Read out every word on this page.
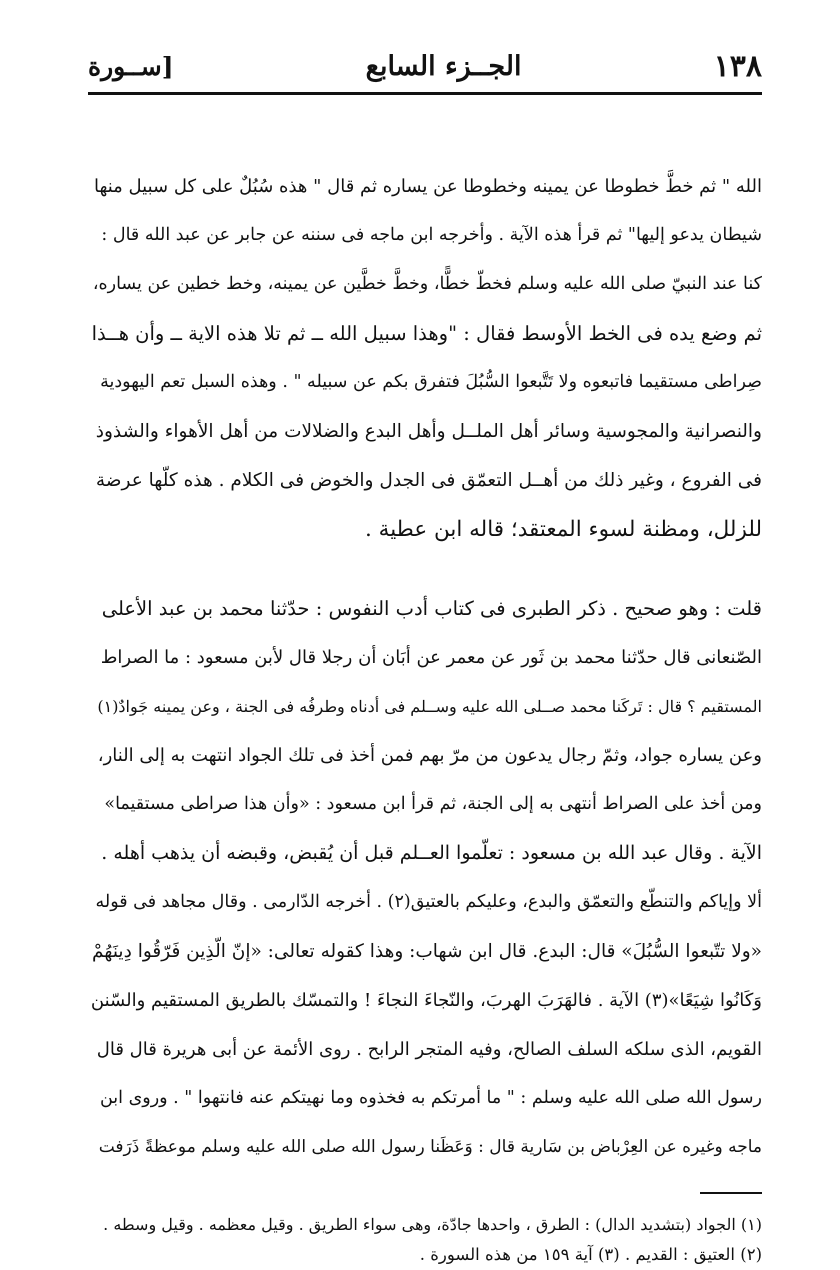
١٣٨
الجــزء السابع
[ســورة
الله " ثم خطَّ خطوطا عن يمينه وخطوطا عن يساره ثم قال " هذه سُبُلٌ على كل سبيل منها
شيطان يدعو إليها" ثم قرأ هذه الآية . وأخرجه ابن ماجه فى سننه عن جابر عن عبد الله قال :
كنا عند النبيّ صلى الله عليه وسلم فخطّ خطًّا، وخطَّ خطَّين عن يمينه، وخط خطين عن يساره،
ثم وضع يده فى الخط الأوسط فقال : "وهذا سبيل الله ــ ثم تلا هذه الاية ــ وأن هــذا
صِراطى مستقيما فاتبعوه ولا تَتَّبعوا السُّبُلَ فتفرق بكم عن سبيله " . وهذه السبل تعم اليهودية
والنصرانية والمجوسية وسائر أهل الملــل وأهل البدع والضلالات من أهل الأهواء والشذوذ
فى الفروع ، وغير ذلك من أهــل التعمّق فى الجدل والخوض فى الكلام . هذه كلّها عرضة
للزلل، ومظنة لسوء المعتقد؛ قاله ابن عطية .
قلت : وهو صحيح . ذكر الطبرى فى كتاب أدب النفوس : حدّثنا محمد بن عبد الأعلى
الصّنعانى قال حدّثنا محمد بن ثَور عن معمر عن أبَان أن رجلا قال لأبن مسعود : ما الصراط
المستقيم ؟ قال : تَركَنا محمد صــلى الله عليه وســلم فى أدناه وطرفُه فى الجنة ، وعن يمينه جَوادٌ(١)
وعن يساره جواد، وثمّ رجال يدعون من مرّ بهم فمن أخذ فى تلك الجواد انتهت به إلى النار،
ومن أخذ على الصراط أنتهى به إلى الجنة، ثم قرأ ابن مسعود : «وأن هذا صراطى مستقيما»
الآية . وقال عبد الله بن مسعود : تعلّموا العــلم قبل أن يُقبض، وقبضه أن يذهب أهله .
ألا وإياكم والتنطّع والتعمّق والبدع، وعليكم بالعتيق(٢) . أخرجه الدّارمى . وقال مجاهد فى قوله
«ولا تتّبعوا السُّبُلَ» قال: البدع. قال ابن شهاب: وهذا كقوله تعالى: «إنّ الّذِين فَرّقُوا دِينَهُمْ
وَكَانُوا شِيَعًا»(٣) الآية . فالهَرَبَ الهربَ، والنّجاءَ النجاءَ ! والتمسّك بالطريق المستقيم والسّنن
القويم، الذى سلكه السلف الصالح، وفيه المتجر الرابح . روى الأئمة عن أبى هريرة قال قال
رسول الله صلى الله عليه وسلم : " ما أمرتكم به فخذوه وما نهيتكم عنه فانتهوا " . وروى ابن
ماجه وغيره عن العِرْباض بن سَارية قال : وَعَظَنا رسول الله صلى الله عليه وسلم موعظةً ذَرَفت
(١) الجواد (بتشديد الدال) : الطرق ، واحدها جادّة، وهى سواء الطريق . وقيل معظمه . وقيل وسطه .
(٢) العتيق : القديم . (٣) آية ١٥٩ من هذه السورة .
